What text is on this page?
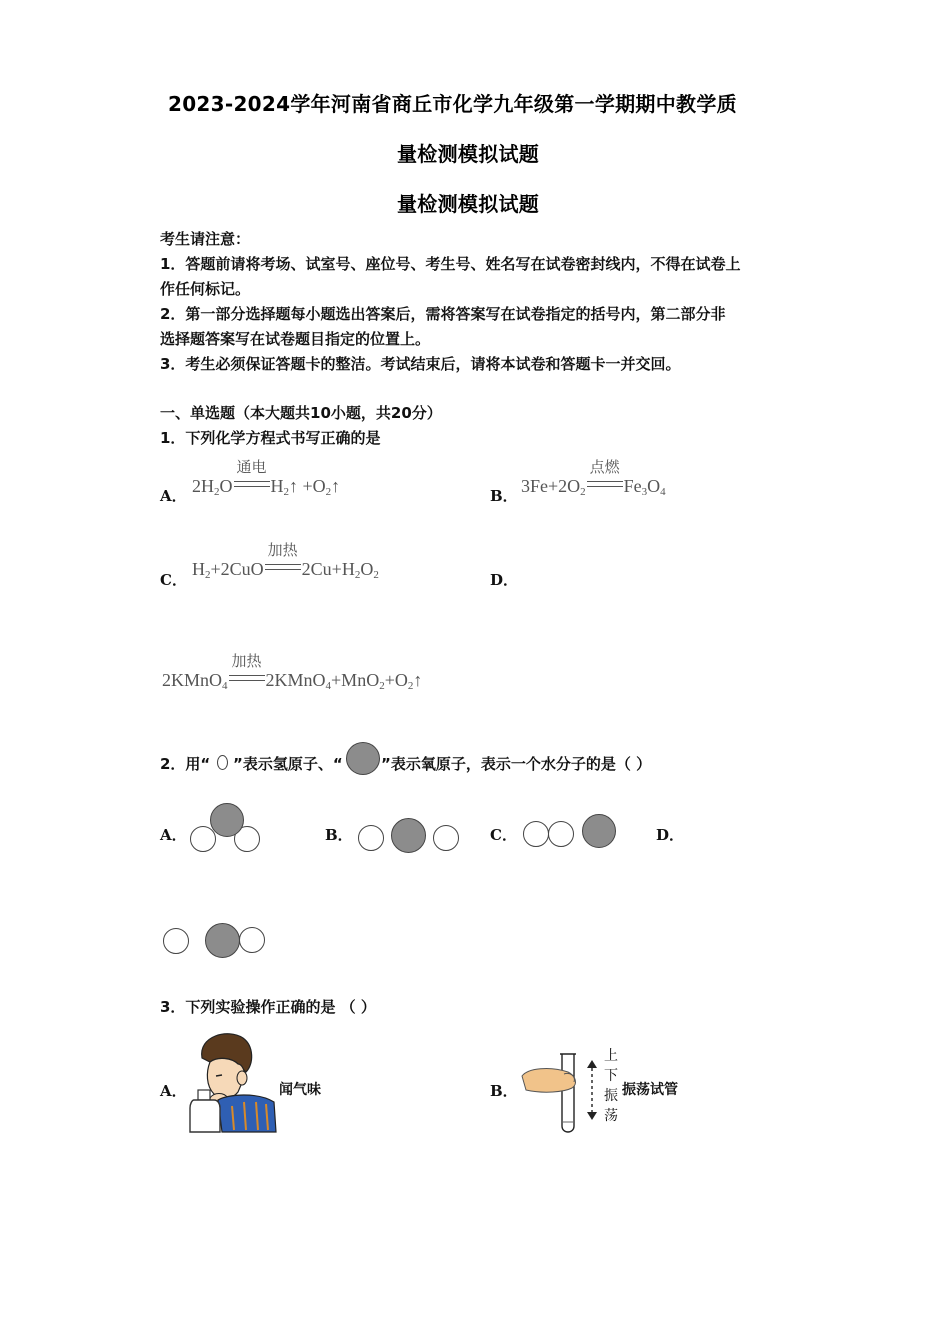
2023-2024学年河南省商丘市化学九年级第一学期期中教学质
量检测模拟试题
量检测模拟试题
考生请注意：
1．答题前请将考场、试室号、座位号、考生号、姓名写在试卷密封线内，不得在试卷上
作任何标记。
2．第一部分选择题每小题选出答案后，需将答案写在试卷指定的括号内，第二部分非
选择题答案写在试卷题目指定的位置上。
3．考生必须保证答题卡的整洁。考试结束后，请将本试卷和答题卡一并交回。
一、单选题（本大题共10小题，共20分）
1．下列化学方程式书写正确的是
A． $2H_2O$
通电
$H_2↑$ $+O_2↑$	B． $3Fe+2O_2$
点燃
$Fe_3O_4$
C．
$H_2+2CuO$
加热
$2Cu+H_2O_2$	D．
2KMnO$_4$
加热
$2KMnO_4+MnO_2+O_2↑$
2．用“ ”表示氢原子、“	”表示氧原子，表示一个水分子的是（ ）
A．	B．	C．	D．
3．下列实验操作正确的是 （ ）
A．	闻气味	B．
上
下
振
荡
振荡试管
